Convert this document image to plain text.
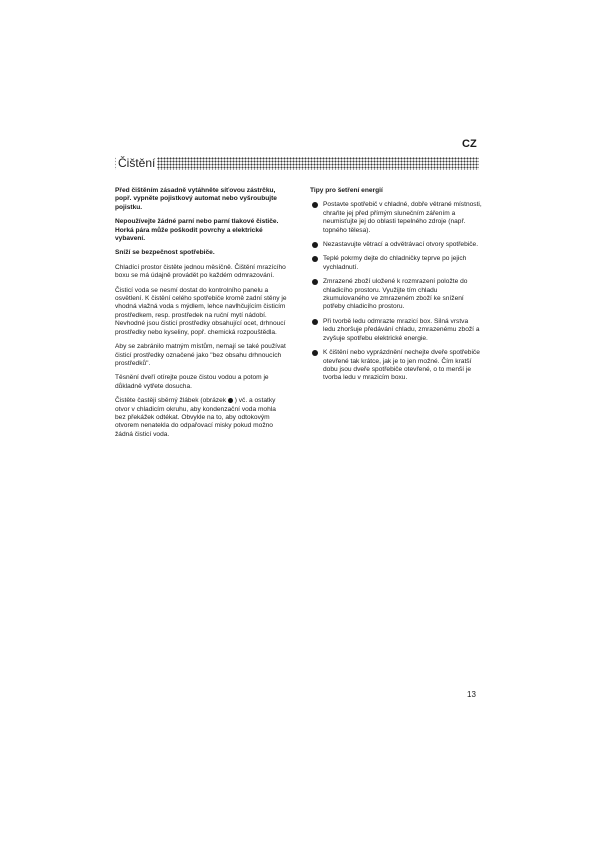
CZ
Čištění

Před čištěním zásadně vytáhněte síťovou zástrčku, popř. vypněte pojistkový automat nebo vyšroubujte pojistku.

Nepoužívejte žádné parní nebo parní tlakové čističe. Horká pára může poškodit povrchy a elektrické vybavení.

Sníží se bezpečnost spotřebiče.

Chladící prostor čistěte jednou měsíčně. Čištění mrazícího boxu se má údajně provádět po každém odmrazování.

Čisticí voda se nesmí dostat do kontrolního panelu a osvětlení. K čistění celého spotřebiče kromě zadní stěny je vhodná vlažná voda s mýdlem, lehce navlhčujícím čisticím prostředkem, resp. prostředek na ruční mytí nádobí. Nevhodné jsou čisticí prostředky obsahující ocet, drhnoucí prostředky nebo kyseliny, popř. chemická rozpouštědla.

Aby se zabránilo matným místům, nemají se také používat čisticí prostředky označené jako "bez obsahu drhnoucích prostředků".

Těsnění dveří otírejte pouze čistou vodou a potom je důkladně vytřete dosucha.

Čistěte častěji sběrný žlábek (obrázek ) vč. a ostatky otvor v chladicím okruhu, aby kondenzační voda mohla bez překážek odtékat. Obvykle na to, aby odtokovým otvorem nenatekla do odpařovací misky pokud možno žádná čisticí voda.

Tipy pro šetření energií

Postavte spotřebič v chladné, dobře větrané místnosti, chraňte jej před přímým slunečním zářením a neumisťujte jej do oblasti tepelného zdroje (např. topného tělesa).
Nezastavujte větrací a odvětrávací otvory spotřebiče.
Teplé pokrmy dejte do chladničky teprve po jejich vychladnutí.
Zmrazené zboží uložené k rozmrazení položte do chladicího prostoru. Využijte tím chladu zkumulovaného ve zmrazeném zboží ke snížení potřeby chladicího prostoru.
Při tvorbě ledu odmrazte mrazicí box. Silná vrstva ledu zhoršuje předávání chladu, zmrazenému zboží a zvyšuje spotřebu elektrické energie.
K čištění nebo vyprázdnění nechejte dveře spotřebiče otevřené tak krátce, jak je to jen možné. Čím kratší dobu jsou dveře spotřebiče otevřené, o to menší je tvorba ledu v mrazicím boxu.
13
